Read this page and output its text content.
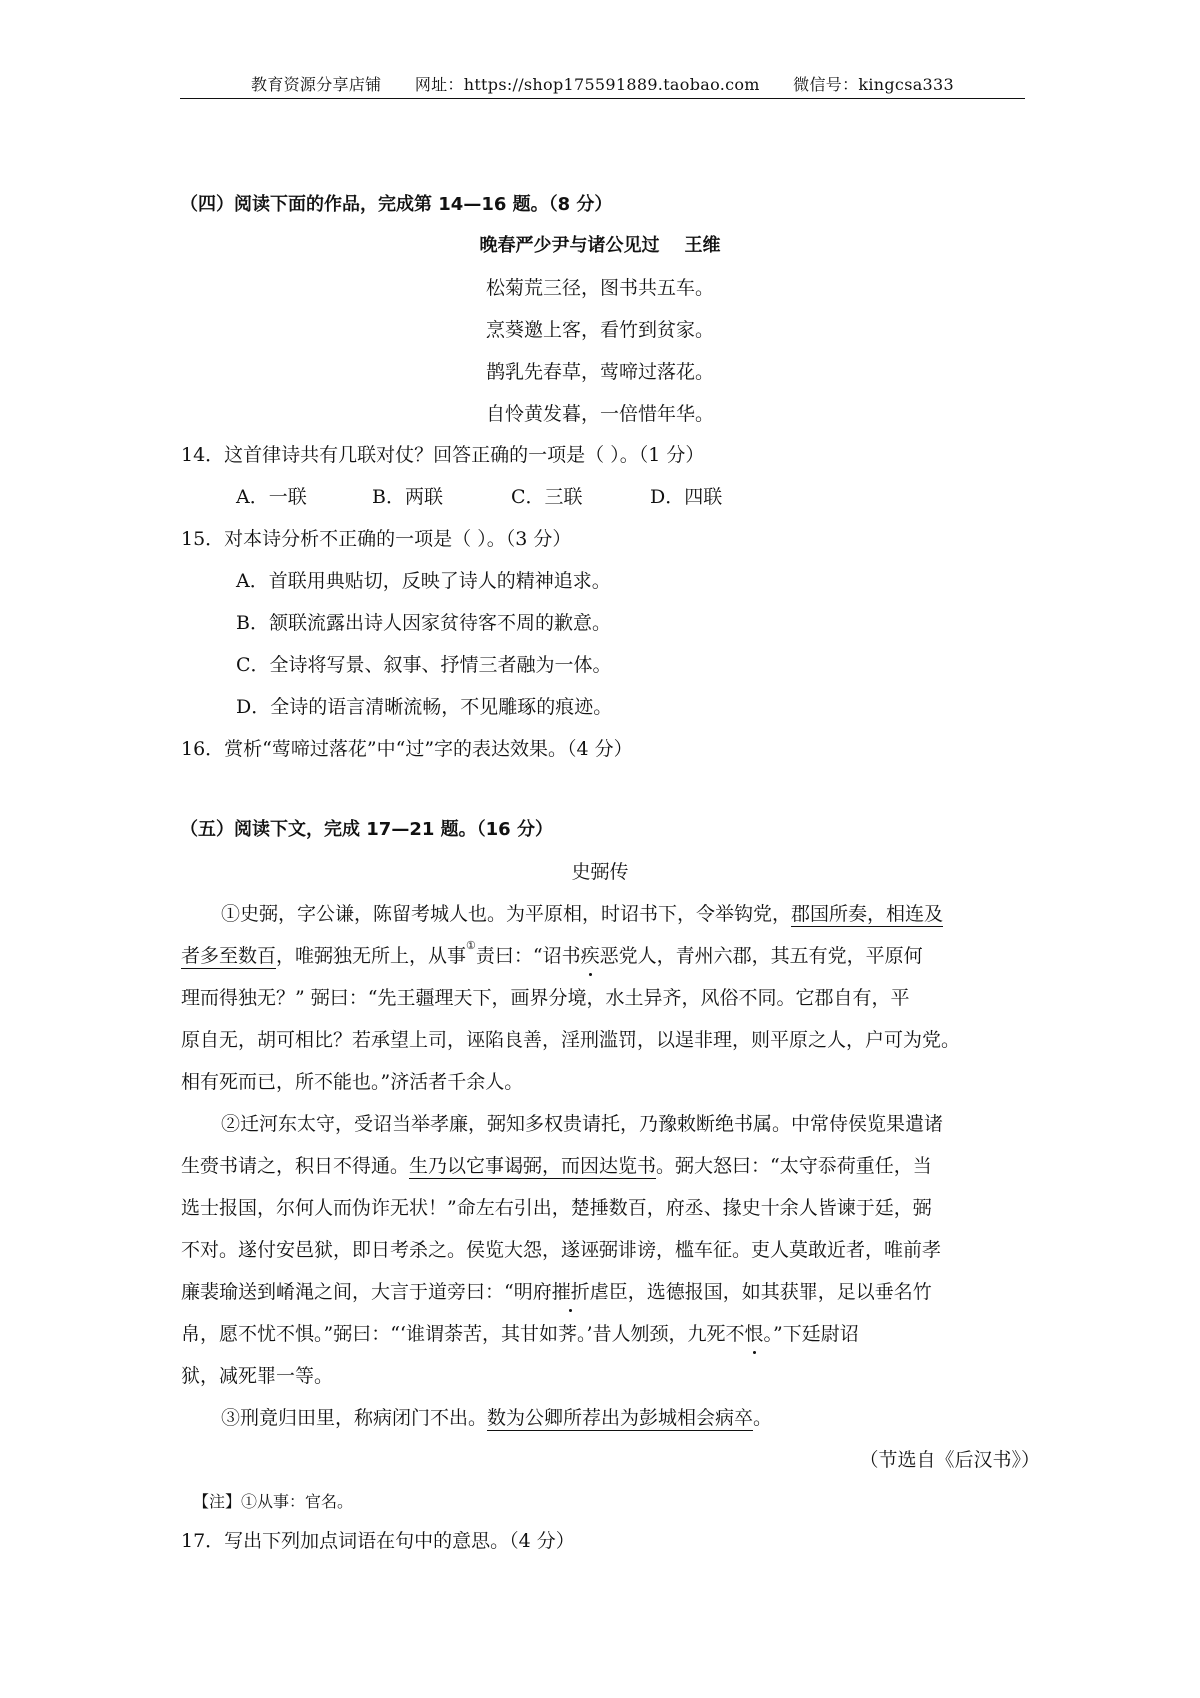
教育资源分享店铺 网址：https://shop175591889.taobao.com 微信号：kingcsa333
（四）阅读下面的作品，完成第 14—16 题。（8 分）
晚春严少尹与诸公见过 王维
松菊荒三径，图书共五车。
烹葵邀上客，看竹到贫家。
鹊乳先春草，莺啼过落花。
自怜黄发暮，一倍惜年华。
14．这首律诗共有几联对仗？回答正确的一项是（ ）。（1 分）
A．一联	B．两联	C．三联	D．四联
15．对本诗分析不正确的一项是（ ）。（3 分）
A．首联用典贴切，反映了诗人的精神追求。
B．颔联流露出诗人因家贫待客不周的歉意。
C．全诗将写景、叙事、抒情三者融为一体。
D．全诗的语言清晰流畅，不见雕琢的痕迹。
16．赏析“莺啼过落花”中“过”字的表达效果。（4 分）
（五）阅读下文，完成 17—21 题。（16 分）
史弼传
①史弼，字公谦，陈留考城人也。为平原相，时诏书下，令举钩党，郡国所奏，相连及
者多至数百，唯弼独无所上，从事①责曰：“诏书疾恶党人，青州六郡，其五有党，平原何
理而得独无？” 弼曰：“先王疆理天下，画界分境，水土异齐，风俗不同。它郡自有，平
原自无，胡可相比？若承望上司，诬陷良善，淫刑滥罚，以逞非理，则平原之人，户可为党。
相有死而已，所不能也。”济活者千余人。
②迁河东太守，受诏当举孝廉，弼知多权贵请托，乃豫敕断绝书属。中常侍侯览果遣诸
生赍书请之，积日不得通。生乃以它事谒弼，而因达览书。弼大怒曰：“太守忝荷重任，当
选士报国，尔何人而伪诈无状！”命左右引出，楚捶数百，府丞、掾史十余人皆谏于廷，弼
不对。遂付安邑狱，即日考杀之。侯览大怨，遂诬弼诽谤，槛车征。吏人莫敢近者，唯前孝
廉裴瑜送到崤渑之间，大言于道旁曰：“明府摧折虐臣，选德报国，如其获罪，足以垂名竹
帛，愿不忧不惧。”弼曰：“‘谁谓荼苦，其甘如荠。’昔人刎颈，九死不恨。”下廷尉诏
狱，减死罪一等。
③刑竟归田里，称病闭门不出。数为公卿所荐出为彭城相会病卒。
（节选自《后汉书》）
【注】①从事：官名。
17．写出下列加点词语在句中的意思。（4 分）
